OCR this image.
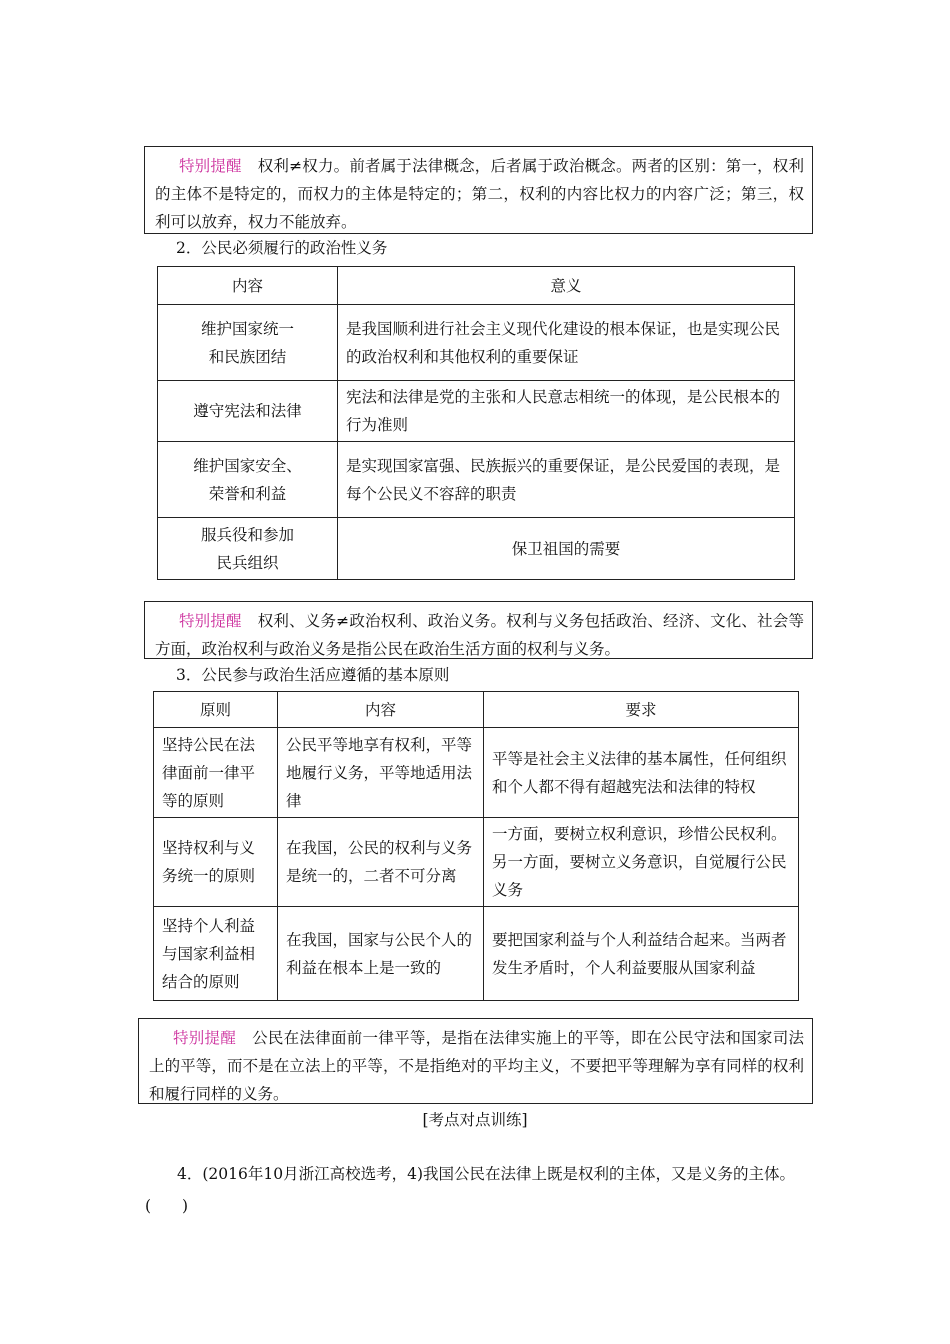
特别提醒 权利≠权力。前者属于法律概念，后者属于政治概念。两者的区别：第一，权利的主体不是特定的，而权力的主体是特定的；第二，权利的内容比权力的内容广泛；第三，权利可以放弃，权力不能放弃。
2．公民必须履行的政治性义务
内容	意义
维护国家统一
和民族团结	是我国顺利进行社会主义现代化建设的根本保证，也是实现公民的政治权利和其他权利的重要保证
遵守宪法和法律	宪法和法律是党的主张和人民意志相统一的体现，是公民根本的行为准则
维护国家安全、
荣誉和利益	是实现国家富强、民族振兴的重要保证，是公民爱国的表现，是每个公民义不容辞的职责
服兵役和参加
民兵组织	保卫祖国的需要
特别提醒 权利、义务≠政治权利、政治义务。权利与义务包括政治、经济、文化、社会等方面，政治权利与政治义务是指公民在政治生活方面的权利与义务。
3．公民参与政治生活应遵循的基本原则
原则	内容	要求
坚持公民在法律面前一律平等的原则	公民平等地享有权利，平等地履行义务，平等地适用法律	平等是社会主义法律的基本属性，任何组织和个人都不得有超越宪法和法律的特权
坚持权利与义务统一的原则	在我国，公民的权利与义务是统一的，二者不可分离	一方面，要树立权利意识，珍惜公民权利。另一方面，要树立义务意识，自觉履行公民义务
坚持个人利益与国家利益相结合的原则	在我国，国家与公民个人的利益在根本上是一致的	要把国家利益与个人利益结合起来。当两者发生矛盾时，个人利益要服从国家利益
特别提醒 公民在法律面前一律平等，是指在法律实施上的平等，即在公民守法和国家司法上的平等，而不是在立法上的平等，不是指绝对的平均主义，不要把平等理解为享有同样的权利和履行同样的义务。
[考点对点训练]
4．(2016年10月浙江高校选考，4)我国公民在法律上既是权利的主体，又是义务的主体。(　　)
